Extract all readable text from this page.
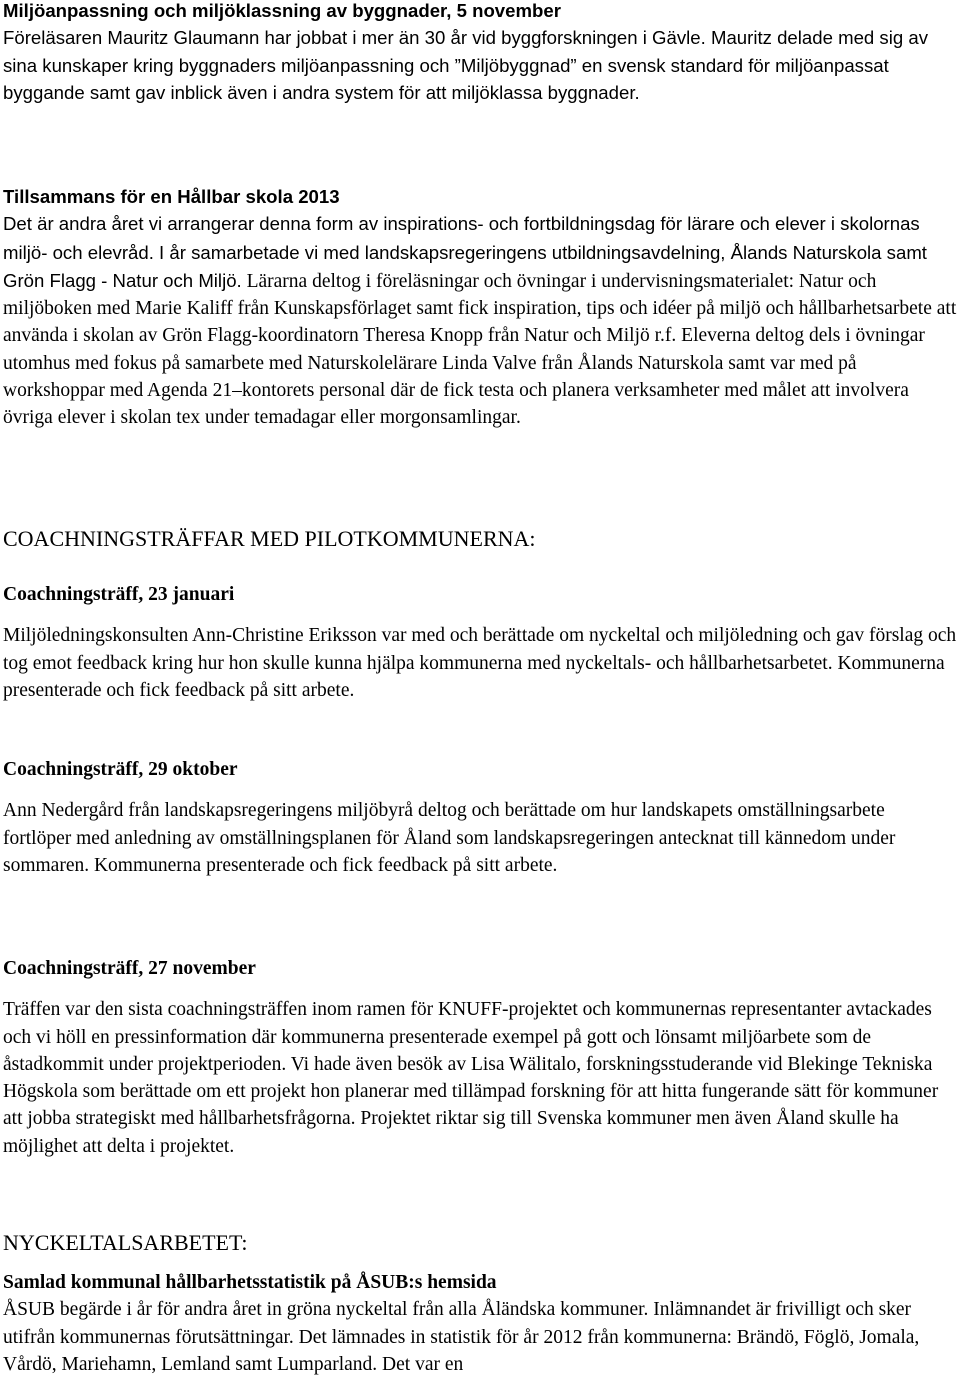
Miljöanpassning och miljöklassning av byggnader, 5 november

Föreläsaren Mauritz Glaumann har jobbat i mer än 30 år vid byggforskningen i Gävle. Mauritz delade med sig av sina kunskaper kring byggnaders miljöanpassning och ”Miljöbyggnad” en svensk standard för miljöanpassat byggande samt gav inblick även i andra system för att miljöklassa byggnader.

Tillsammans för en Hållbar skola 2013

Det är andra året vi arrangerar denna form av inspirations- och fortbildningsdag för lärare och elever i skolornas miljö- och elevråd. I år samarbetade vi med landskapsregeringens utbildningsavdelning, Ålands Naturskola samt Grön Flagg - Natur och Miljö. Lärarna deltog i föreläsningar och övningar i undervisningsmaterialet: Natur och miljöboken med Marie Kaliff från Kunskapsförlaget samt fick inspiration, tips och idéer på miljö och hållbarhetsarbete att använda i skolan av Grön Flagg-koordinatorn Theresa Knopp från Natur och Miljö r.f. Eleverna deltog dels i övningar utomhus med fokus på samarbete med Naturskolelärare Linda Valve från Ålands Naturskola samt var med på workshoppar med Agenda 21–kontorets personal där de fick testa och planera verksamheter med målet att involvera övriga elever i skolan tex under temadagar eller morgonsamlingar.

COACHNINGSTRÄFFAR MED PILOTKOMMUNERNA:

Coachningsträff, 23 januari

Miljöledningskonsulten Ann-Christine Eriksson var med och berättade om nyckeltal och miljöledning och gav förslag och tog emot feedback kring hur hon skulle kunna hjälpa kommunerna med nyckeltals- och hållbarhetsarbetet. Kommunerna presenterade och fick feedback på sitt arbete.

Coachningsträff, 29 oktober

Ann Nedergård från landskapsregeringens miljöbyrå deltog och berättade om hur landskapets omställningsarbete fortlöper med anledning av omställningsplanen för Åland som landskapsregeringen antecknat till kännedom under sommaren. Kommunerna presenterade och fick feedback på sitt arbete.

Coachningsträff, 27 november

Träffen var den sista coachningsträffen inom ramen för KNUFF-projektet och kommunernas representanter avtackades och vi höll en pressinformation där kommunerna presenterade exempel på gott och lönsamt miljöarbete som de åstadkommit under projektperioden. Vi hade även besök av Lisa Wälitalo, forskningsstuderande vid Blekinge Tekniska Högskola som berättade om ett projekt hon planerar med tillämpad forskning för att hitta fungerande sätt för kommuner att jobba strategiskt med hållbarhetsfrågorna. Projektet riktar sig till Svenska kommuner men även Åland skulle ha möjlighet att delta i projektet.

NYCKELTALSARBETET:

Samlad kommunal hållbarhetsstatistik på ÅSUB:s hemsida

ÅSUB begärde i år för andra året in gröna nyckeltal från alla Åländska kommuner. Inlämnandet är frivilligt och sker utifrån kommunernas förutsättningar. Det lämnades in statistik för år 2012 från kommunerna: Brändö, Föglö, Jomala, Vårdö, Mariehamn, Lemland samt Lumparland. Det var en
